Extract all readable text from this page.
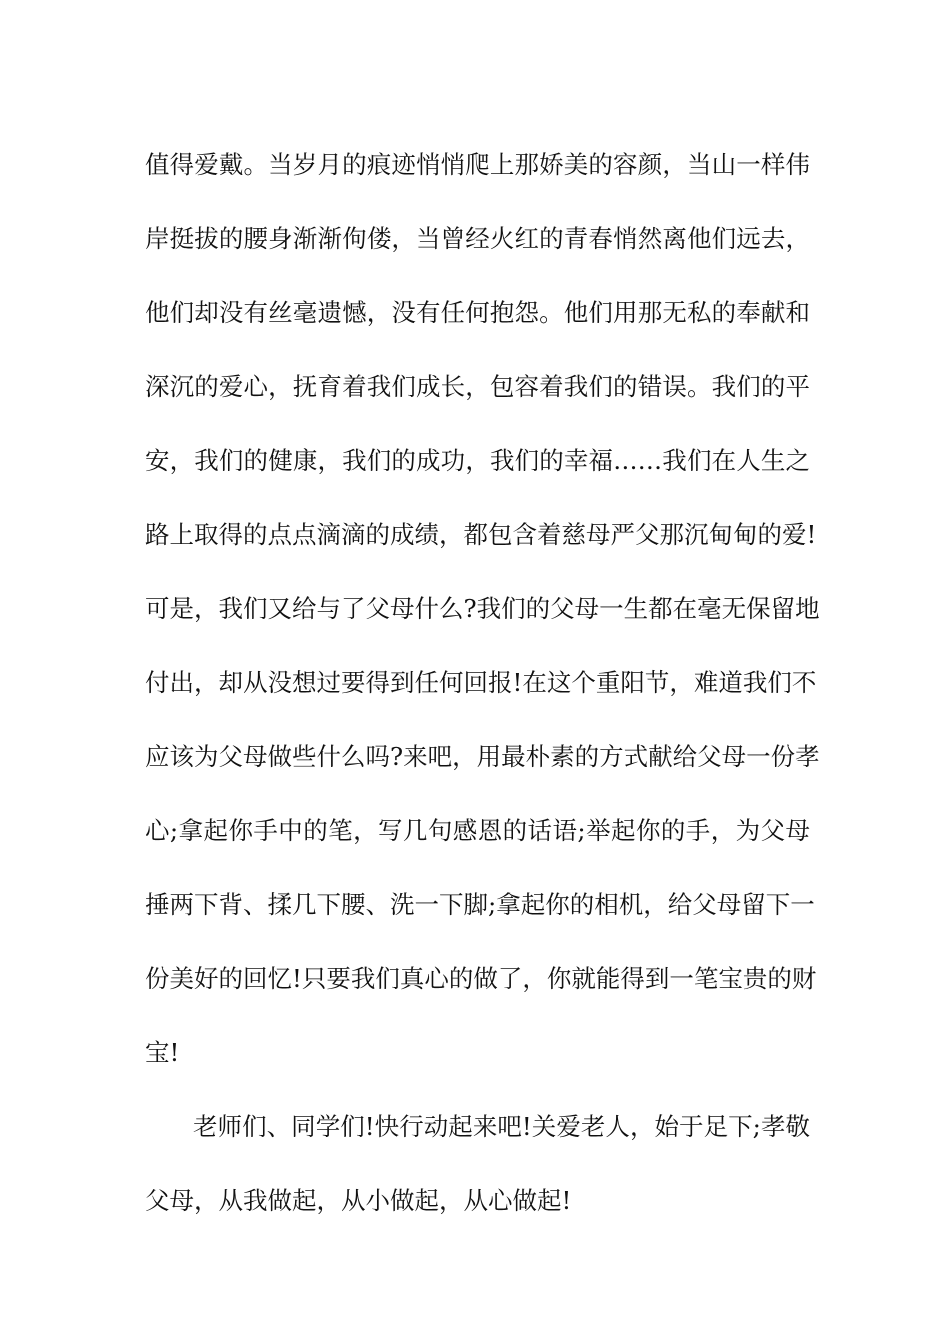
值得爱戴。当岁月的痕迹悄悄爬上那娇美的容颜，当山一样伟
岸挺拔的腰身渐渐佝偻，当曾经火红的青春悄然离他们远去，
他们却没有丝毫遗憾，没有任何抱怨。他们用那无私的奉献和
深沉的爱心，抚育着我们成长，包容着我们的错误。我们的平
安，我们的健康，我们的成功，我们的幸福……我们在人生之
路上取得的点点滴滴的成绩，都包含着慈母严父那沉甸甸的爱!
可是，我们又给与了父母什么?我们的父母一生都在毫无保留地
付出，却从没想过要得到任何回报!在这个重阳节，难道我们不
应该为父母做些什么吗?来吧，用最朴素的方式献给父母一份孝
心;拿起你手中的笔，写几句感恩的话语;举起你的手，为父母
捶两下背、揉几下腰、洗一下脚;拿起你的相机，给父母留下一
份美好的回忆!只要我们真心的做了，你就能得到一笔宝贵的财
宝!
老师们、同学们!快行动起来吧!关爱老人，始于足下;孝敬
父母，从我做起，从小做起，从心做起!
